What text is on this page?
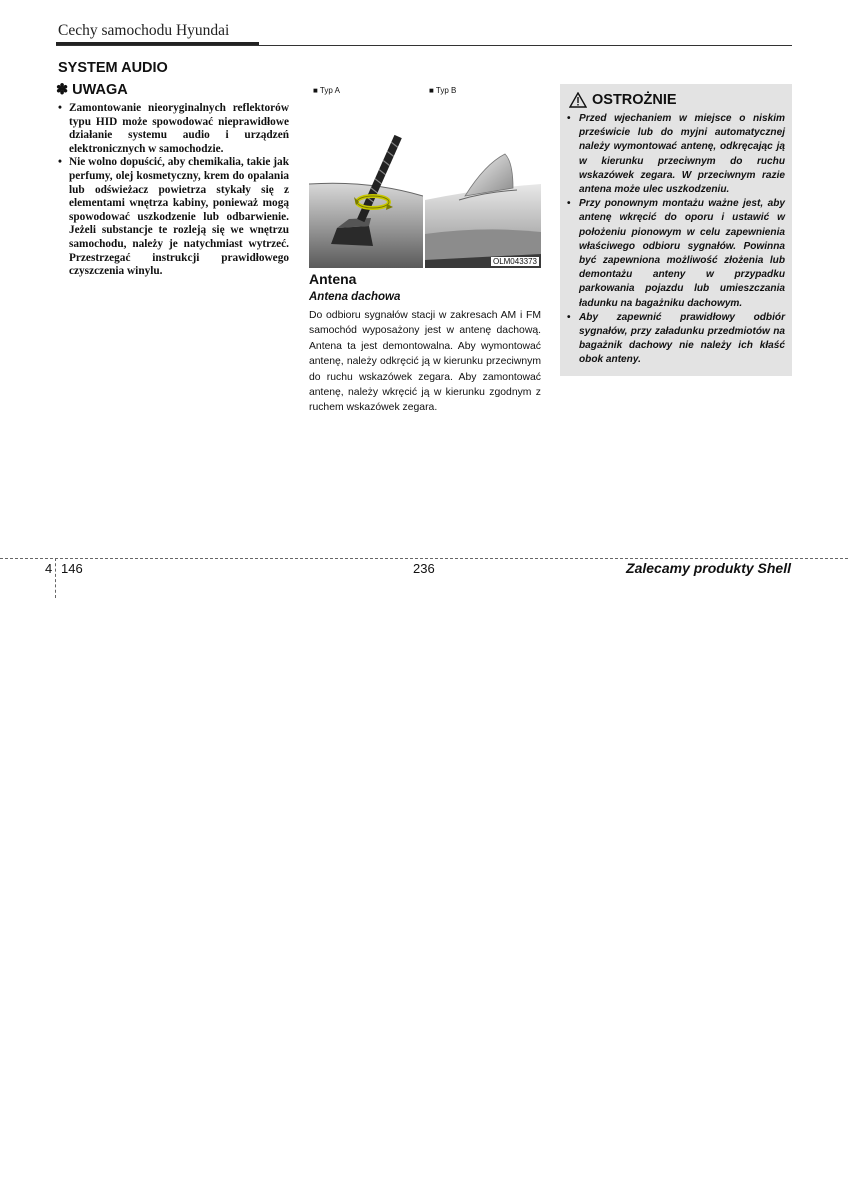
Cechy samochodu Hyundai
SYSTEM AUDIO
✽ UWAGA
• Zamontowanie nieoryginalnych reflektorów typu HID może spowodować nieprawidłowe działanie systemu audio i urządzeń elektronicznych w samochodzie.
• Nie wolno dopuścić, aby chemikalia, takie jak perfumy, olej kosmetyczny, krem do opalania lub odświeżacz powietrza stykały się z elementami wnętrza kabiny, ponieważ mogą spowodować uszkodzenie lub odbarwienie. Jeżeli substancje te rozleją się we wnętrzu samochodu, należy je natychmiast wytrzeć. Przestrzegać instrukcji prawidłowego czyszczenia winylu.
■ Typ A	■ Typ B
OLM043373
Antena
Antena dachowa
Do odbioru sygnałów stacji w zakresach AM i FM samochód wyposażony jest w antenę dachową. Antena ta jest demontowalna. Aby wymontować antenę, należy odkręcić ją w kierunku przeciwnym do ruchu wskazówek zegara. Aby zamontować antenę, należy wkręcić ją w kierunku zgodnym z ruchem wskazówek zegara.
OSTROŻNIE
• Przed wjechaniem w miejsce o niskim prześwicie lub do myjni automatycznej należy wymontować antenę, odkręcając ją w kierunku przeciwnym do ruchu wskazówek zegara. W przeciwnym razie antena może ulec uszkodzeniu.
• Przy ponownym montażu ważne jest, aby antenę wkręcić do oporu i ustawić w położeniu pionowym w celu zapewnienia właściwego odbioru sygnałów. Powinna być zapewniona możliwość złożenia lub demontażu anteny w przypadku parkowania pojazdu lub umieszczania ładunku na bagażniku dachowym.
• Aby zapewnić prawidłowy odbiór sygnałów, przy załadunku przedmiotów na bagażnik dachowy nie należy ich kłaść obok anteny.
4 146	236	Zalecamy produkty Shell
